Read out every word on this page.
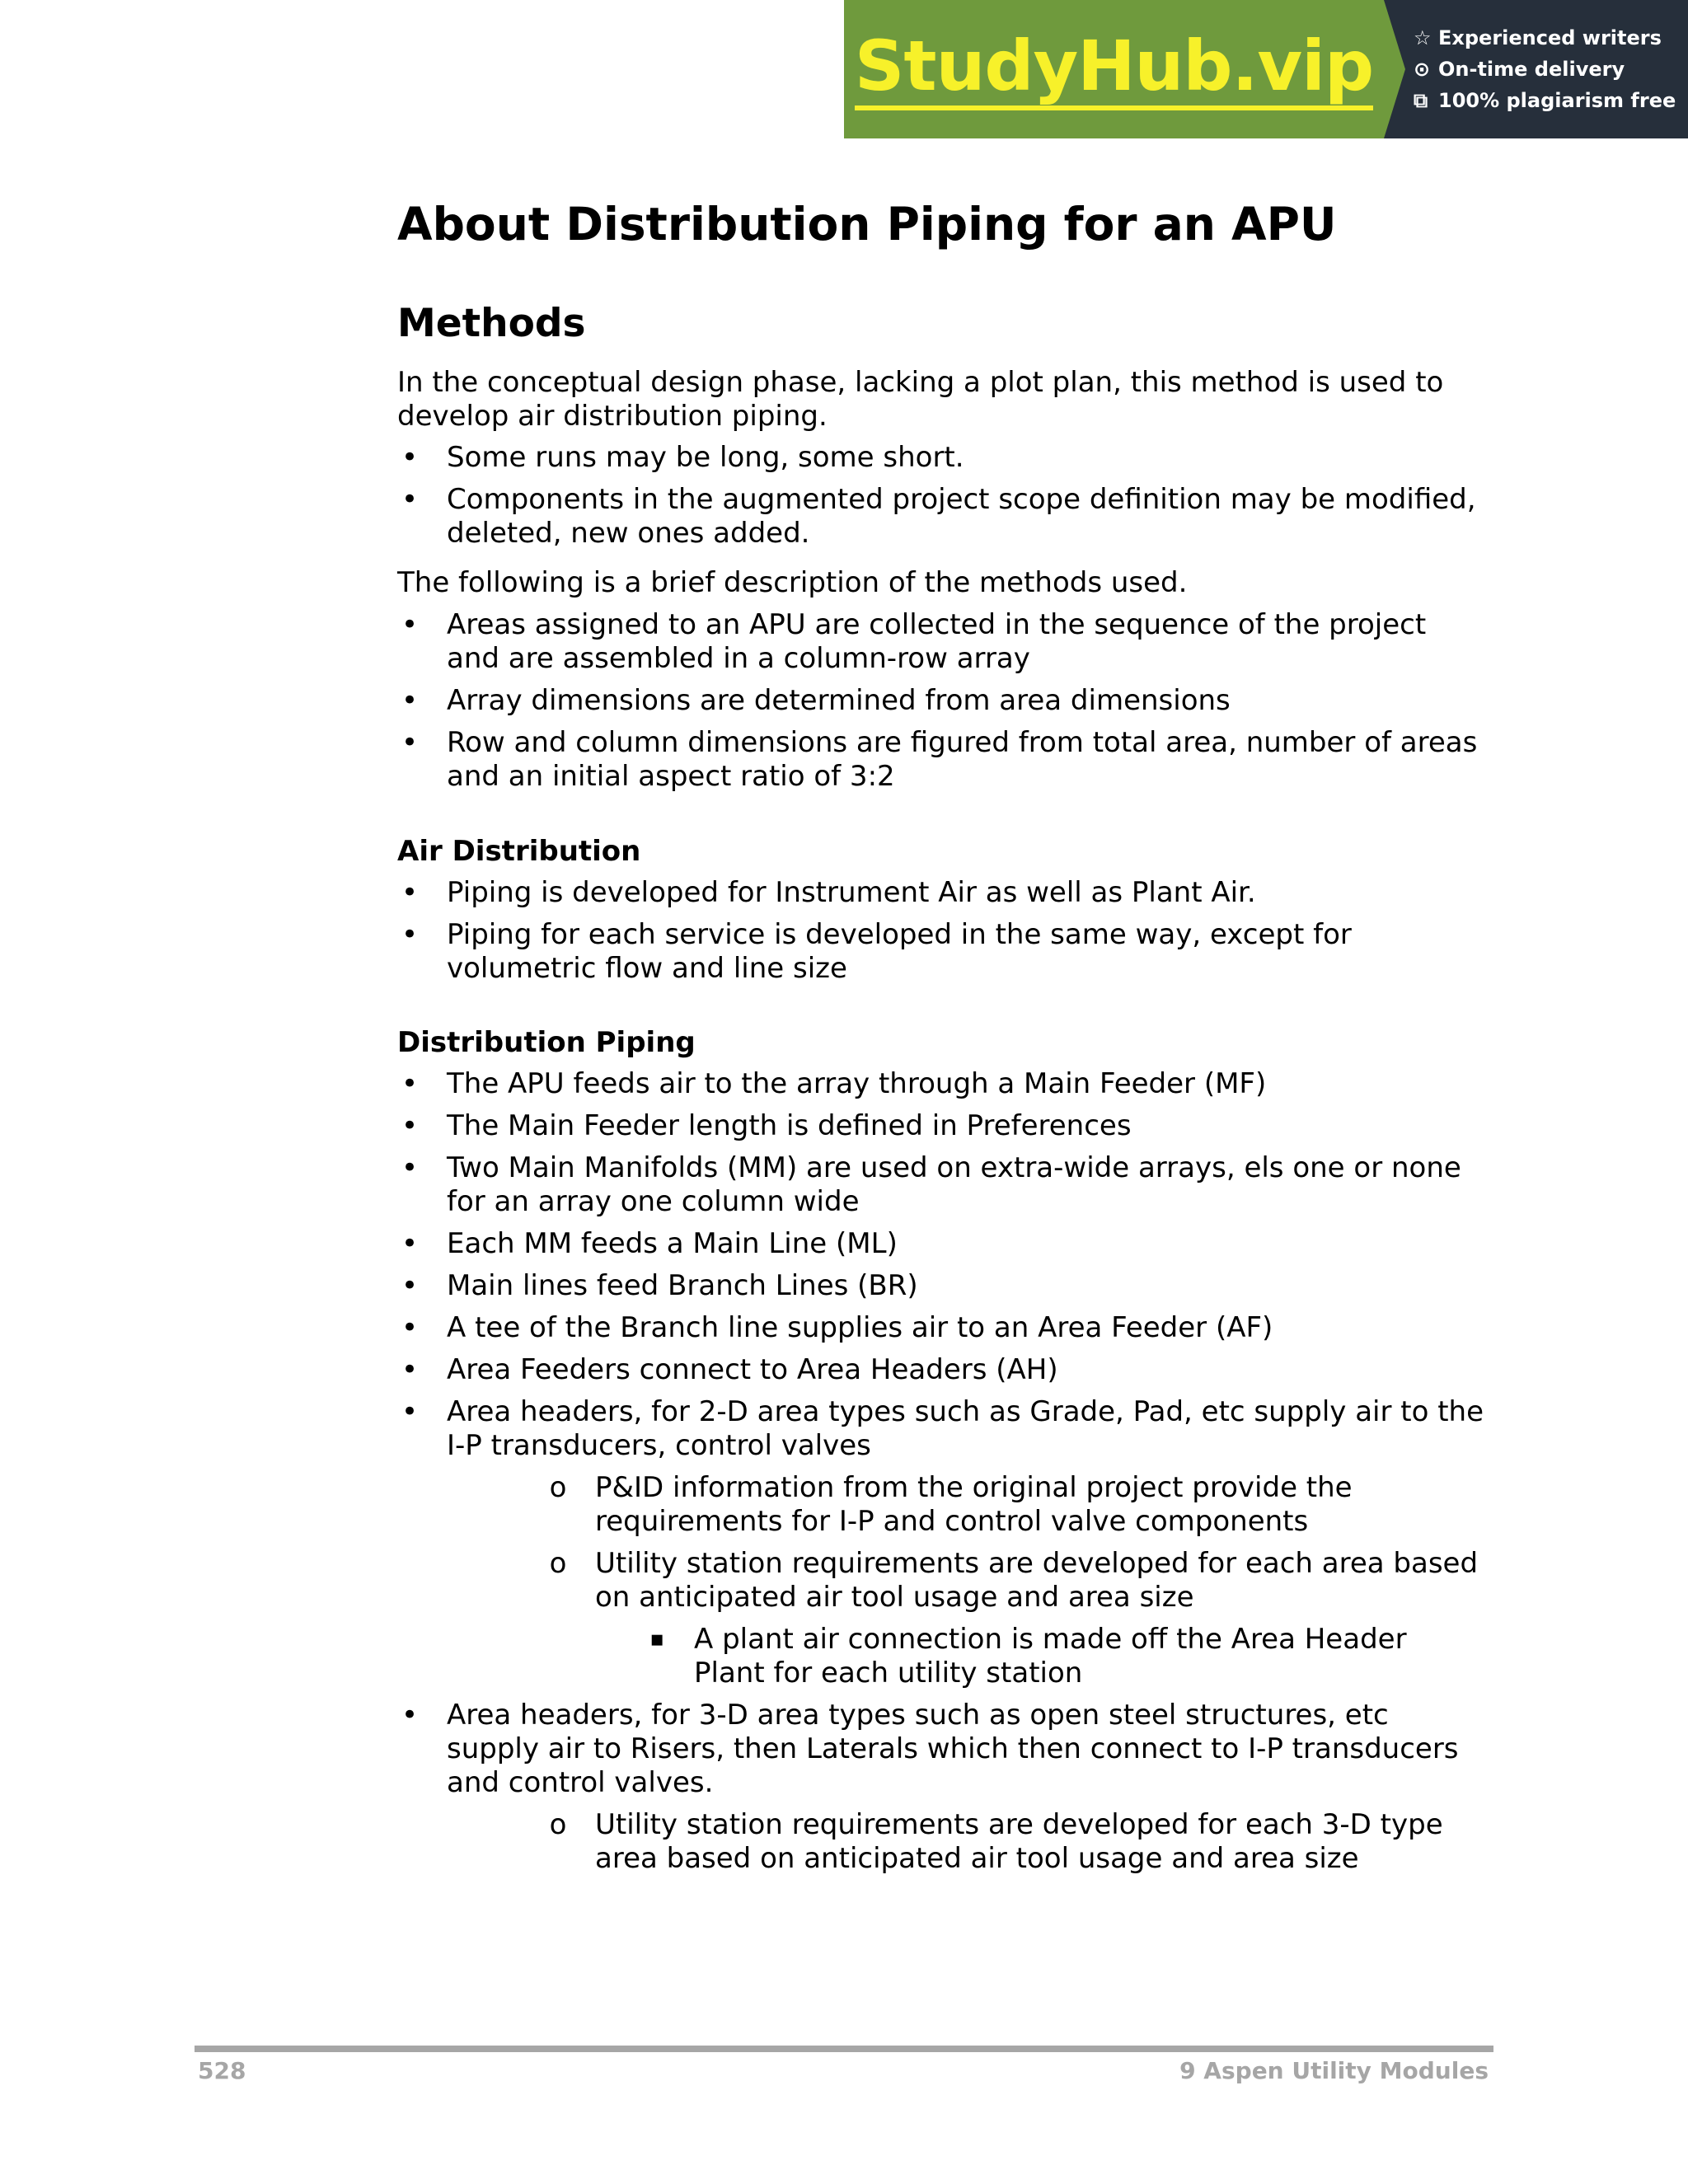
StudyHub.vip ☆ Experienced writers
⊙ On-time delivery
⧉ 100% plagiarism free
About Distribution Piping for an APU
Methods
In the conceptual design phase, lacking a plot plan, this method is used to develop air distribution piping.
• Some runs may be long, some short.
• Components in the augmented project scope definition may be modified, deleted, new ones added.
The following is a brief description of the methods used.
• Areas assigned to an APU are collected in the sequence of the project and are assembled in a column-row array
• Array dimensions are determined from area dimensions
• Row and column dimensions are figured from total area, number of areas and an initial aspect ratio of 3:2
Air Distribution
• Piping is developed for Instrument Air as well as Plant Air.
• Piping for each service is developed in the same way, except for volumetric flow and line size
Distribution Piping
• The APU feeds air to the array through a Main Feeder (MF)
• The Main Feeder length is defined in Preferences
• Two Main Manifolds (MM) are used on extra-wide arrays, els one or none for an array one column wide
• Each MM feeds a Main Line (ML)
• Main lines feed Branch Lines (BR)
• A tee of the Branch line supplies air to an Area Feeder (AF)
• Area Feeders connect to Area Headers (AH)
• Area headers, for 2-D area types such as Grade, Pad, etc supply air to the I-P transducers, control valves
o P&ID information from the original project provide the requirements for I-P and control valve components
o Utility station requirements are developed for each area based on anticipated air tool usage and area size
▪ A plant air connection is made off the Area Header Plant for each utility station
• Area headers, for 3-D area types such as open steel structures, etc supply air to Risers, then Laterals which then connect to I-P transducers and control valves.
o Utility station requirements are developed for each 3-D type area based on anticipated air tool usage and area size
528	9 Aspen Utility Modules
